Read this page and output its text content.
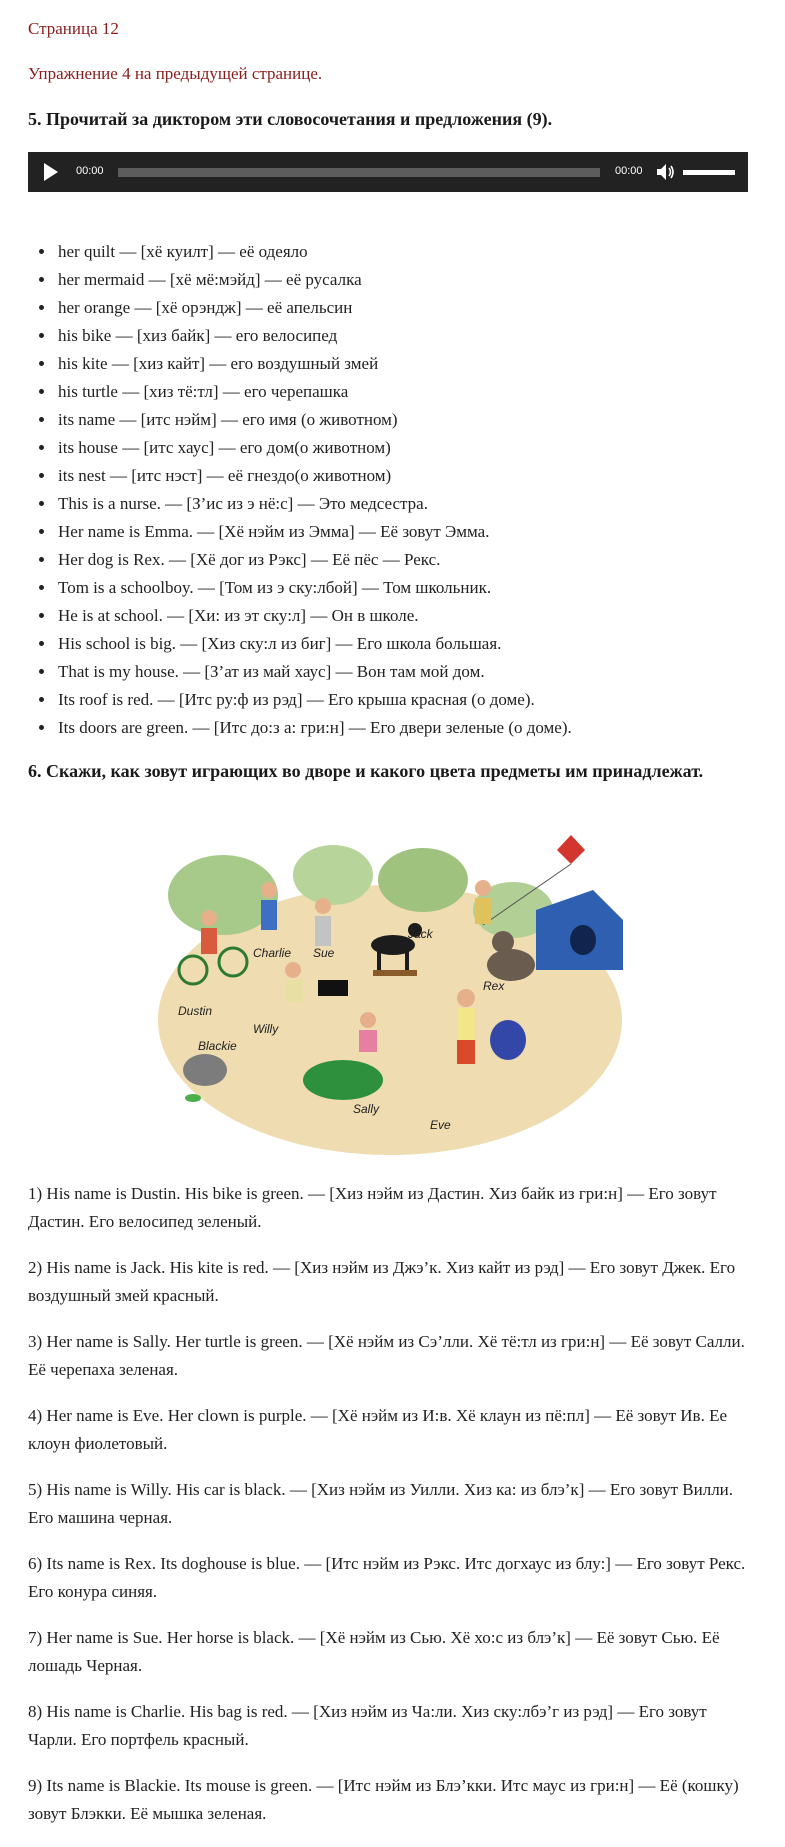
Страница 12
Упражнение 4 на предыдущей странице.
5. Прочитай за диктором эти словосочетания и предложения (9).
00:00	00:00
• her quilt — [хё куилт] — её одеяло
• her mermaid — [хё мё:мэйд] — её русалка
• her orange — [хё орэндж] — её апельсин
• his bike — [хиз байк] — его велосипед
• his kite — [хиз кайт] — его воздушный змей
• his turtle — [хиз тё:тл] — его черепашка
• its name — [итс нэйм] — его имя (о животном)
• its house — [итс хаус] — его дом(о животном)
• its nest — [итс нэст] — её гнездо(о животном)
• This is a nurse. — [З’ис из э нё:с] — Это медсестра.
• Her name is Emma. — [Хё нэйм из Эмма] — Её зовут Эмма.
• Her dog is Rex. — [Хё дог из Рэкс] — Её пёс — Рекс.
• Tom is a schoolboy. — [Том из э ску:лбой] — Том школьник.
• He is at school. — [Хи: из эт ску:л] — Он в школе.
• His school is big. — [Хиз ску:л из биг] — Его школа большая.
• That is my house. — [З’ат из май хаус] — Вон там мой дом.
• Its roof is red. — [Итс ру:ф из рэд] — Его крыша красная (о доме).
• Its doors are green. — [Итс до:з а: гри:н] — Его двери зеленые (о доме).
6. Скажи, как зовут играющих во дворе и какого цвета предметы им принадлежат.
Jack
Charlie Sue
Rex
Dustin
Willy
Blackie
Sally
Eve

1) His name is Dustin. His bike is green. — [Хиз нэйм из Дастин. Хиз байк из гри:н] — Его зовут Дастин. Его велосипед зеленый.

2) His name is Jack. His kite is red. — [Хиз нэйм из Джэ’к. Хиз кайт из рэд] — Его зовут Джек. Его воздушный змей красный.

3) Her name is Sally. Her turtle is green. — [Хё нэйм из Сэ’лли. Хё тё:тл из гри:н] — Её зовут Салли. Её черепаха зеленая.

4) Her name is Eve. Her clown is purple. — [Хё нэйм из И:в. Хё клаун из пё:пл] — Её зовут Ив. Ее клоун фиолетовый.

5) His name is Willy. His car is black. — [Хиз нэйм из Уилли. Хиз ка: из блэ’к] — Его зовут Вилли. Его машина черная.

6) Its name is Rex. Its doghouse is blue. — [Итс нэйм из Рэкс. Итс догхаус из блу:] — Его зовут Рекс. Его конура синяя.

7) Her name is Sue. Her horse is black. — [Хё нэйм из Сью. Хё хо:с из блэ’к] — Её зовут Сью. Её лошадь Черная.

8) His name is Charlie. His bag is red. — [Хиз нэйм из Ча:ли. Хиз ску:лбэ’г из рэд] — Его зовут Чарли. Его портфель красный.

9) Its name is Blackie. Its mouse is green. — [Итс нэйм из Блэ’кки. Итс маус из гри:н] — Её (кошку) зовут Блэкки. Её мышка зеленая.
